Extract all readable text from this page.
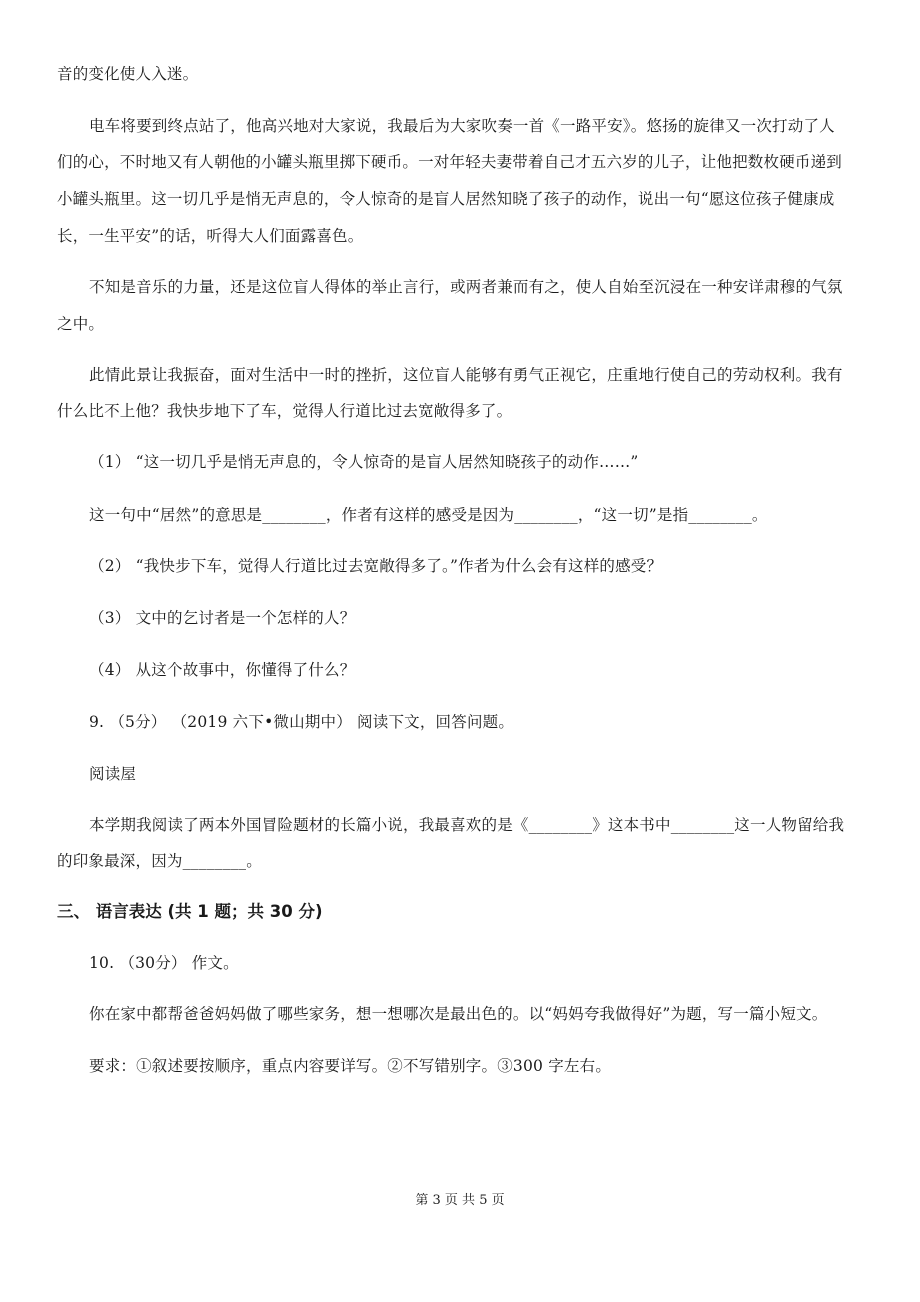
音的变化使人入迷。
电车将要到终点站了，他高兴地对大家说，我最后为大家吹奏一首《一路平安》。悠扬的旋律又一次打动了人
们的心，不时地又有人朝他的小罐头瓶里掷下硬币。一对年轻夫妻带着自己才五六岁的儿子，让他把数枚硬币递到
小罐头瓶里。这一切几乎是悄无声息的，令人惊奇的是盲人居然知晓了孩子的动作，说出一句“愿这位孩子健康成
长，一生平安”的话，听得大人们面露喜色。
不知是音乐的力量，还是这位盲人得体的举止言行，或两者兼而有之，使人自始至沉浸在一种安详肃穆的气氛
之中。
此情此景让我振奋，面对生活中一时的挫折，这位盲人能够有勇气正视它，庄重地行使自己的劳动权利。我有
什么比不上他？我快步地下了车，觉得人行道比过去宽敞得多了。
（1） “这一切几乎是悄无声息的，令人惊奇的是盲人居然知晓孩子的动作……”
这一句中“居然”的意思是________，作者有这样的感受是因为________，“这一切”是指________。
（2） “我快步下车，觉得人行道比过去宽敞得多了。”作者为什么会有这样的感受？
（3） 文中的乞讨者是一个怎样的人？
（4） 从这个故事中，你懂得了什么？
9. （5分） （2019 六下•微山期中） 阅读下文，回答问题。
阅读屋
本学期我阅读了两本外国冒险题材的长篇小说，我最喜欢的是《________》这本书中________这一人物留给我
的印象最深，因为________。
三、 语言表达 (共 1 题；共 30 分)
10. （30分） 作文。
你在家中都帮爸爸妈妈做了哪些家务，想一想哪次是最出色的。以“妈妈夸我做得好”为题，写一篇小短文。
要求：①叙述要按顺序，重点内容要详写。②不写错别字。③300 字左右。
第 3 页 共 5 页
